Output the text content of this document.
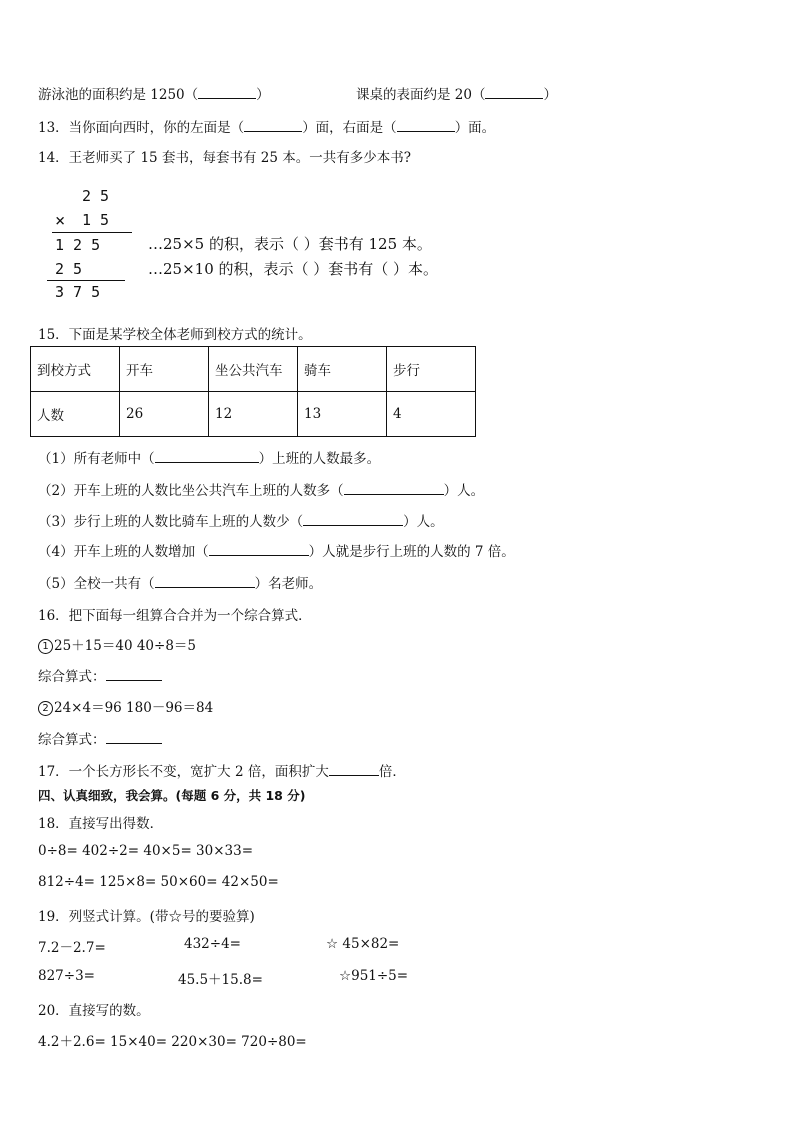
游泳池的面积约是 1250（	）	课桌的表面约是 20（	）
13．当你面向西时，你的左面是（	）面，右面是（	）面。
14．王老师买了 15 套书，每套书有 25 本。一共有多少本书?
2 5
× 1 5
1 2 5
2 5
3 7 5
…25×5 的积，表示（ ）套书有 125 本。
…25×10 的积，表示（ ）套书有（ ）本。
15．下面是某学校全体老师到校方式的统计。
到校方式	开车	坐公共汽车	骑车	步行
人数	26	12	13	4
（1）所有老师中（	）上班的人数最多。
（2）开车上班的人数比坐公共汽车上班的人数多（	）人。
（3）步行上班的人数比骑车上班的人数少（	）人。
（4）开车上班的人数增加（	）人就是步行上班的人数的 7 倍。
（5）全校一共有（	）名老师。
16．把下面每一组算合合并为一个综合算式．
1 25＋15＝40 40÷8＝5
综合算式：
2 24×4＝96 180－96＝84
综合算式：
17．一个长方形长不变，宽扩大 2 倍，面积扩大	倍．
四、认真细致，我会算。(每题 6 分，共 18 分)
18．直接写出得数．
0÷8= 402÷2= 40×5= 30×33=
812÷4= 125×8= 50×60= 42×50=
19．列竖式计算。(带☆号的要验算)
7.2－2.7=	432÷4=	☆ 45×82=
827÷3=	45.5＋15.8=	☆951÷5=
20．直接写的数。
4.2＋2.6= 15×40= 220×30= 720÷80=
